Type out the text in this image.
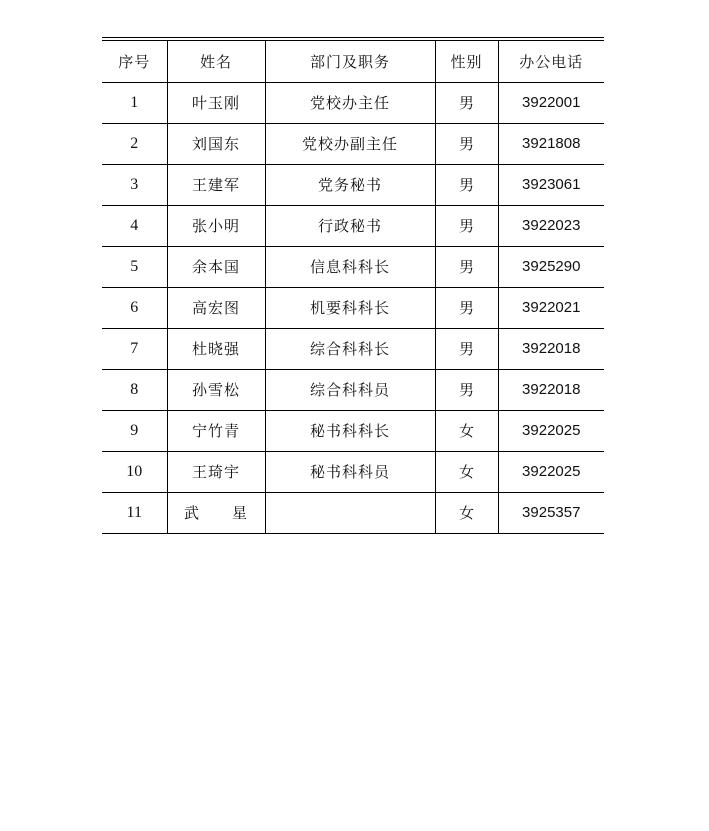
序号	姓名	部门及职务	性别	办公电话
1	叶玉刚	党校办主任	男	3922001
2	刘国东	党校办副主任	男	3921808
3	王建军	党务秘书	男	3923061
4	张小明	行政秘书	男	3922023
5	余本国	信息科科长	男	3925290
6	高宏图	机要科科长	男	3922021
7	杜晓强	综合科科长	男	3922018
8	孙雪松	综合科科员	男	3922018
9	宁竹青	秘书科科长	女	3922025
10	王琦宇	秘书科科员	女	3922025
11	武 星		女	3925357
